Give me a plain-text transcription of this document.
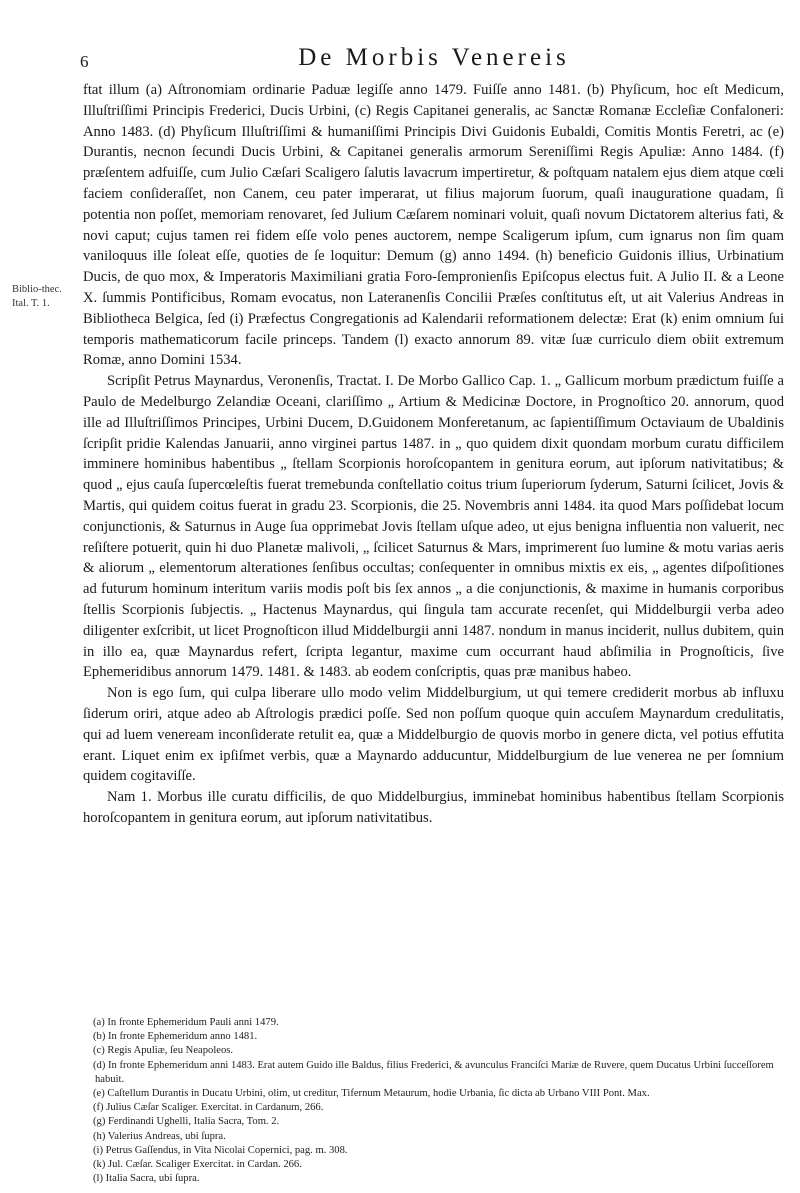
6	De Morbis Venereis
Biblio-thec. Ital. T. 1.

ftat illum (a) Aſtronomiam ordinarie Paduæ legiſſe anno 1479. Fuiſſe anno 1481. (b) Phyſicum, hoc eſt Medicum, Illuſtriſſimi Principis Frederici, Ducis Urbini, (c) Regis Capitanei generalis, ac Sanctæ Romanæ Eccleſiæ Confaloneri: Anno 1483. (d) Phyſicum Illuſtriſſimi & humaniſſimi Principis Divi Guidonis Eubaldi, Comitis Montis Feretri, ac (e) Durantis, necnon ſecundi Ducis Urbini, & Capitanei generalis armorum Sereniſſimi Regis Apuliæ: Anno 1484. (f) præſentem adfuiſſe, cum Julio Cæſari Scaligero ſalutis lavacrum impertiretur, & poſtquam natalem ejus diem atque cœli faciem conſideraſſet, non Canem, ceu pater imperarat, ut filius majorum ſuorum, quaſi inauguratione quadam, ſi potentia non poſſet, memoriam renovaret, ſed Julium Cæſarem nominari voluit, quaſi novum Dictatorem alterius fati, & novi caput; cujus tamen rei fidem eſſe volo penes auctorem, nempe Scaligerum ipſum, cum ignarus non ſim quam vaniloquus ille ſoleat eſſe, quoties de ſe loquitur: Demum (g) anno 1494. (h) beneficio Guidonis illius, Urbinatium Ducis, de quo mox, & Imperatoris Maximiliani gratia Foro-ſempronienſis Epiſcopus electus fuit. A Julio II. & a Leone X. ſummis Pontificibus, Romam evocatus, non Lateranenſis Concilii Præſes conſtitutus eſt, ut ait Valerius Andreas in Bibliotheca Belgica, ſed (i) Præfectus Congregationis ad Kalendarii reformationem delectæ: Erat (k) enim omnium ſui temporis mathematicorum facile princeps. Tandem (l) exacto annorum 89. vitæ ſuæ curriculo diem obiit extremum Romæ, anno Domini 1534.

Scripſit Petrus Maynardus, Veronenſis, Tractat. I. De Morbo Gallico Cap. 1. „ Gallicum morbum prædictum fuiſſe a Paulo de Medelburgo Zelandiæ Oceani, clariſſimo „ Artium & Medicinæ Doctore, in Prognoſtico 20. annorum, quod ille ad Illuſtriſſimos Principes, Urbini Ducem, D.Guidonem Monferetanum, ac ſapientiſſimum Octaviaum de Ubaldinis ſcripſit pridie Kalendas Januarii, anno virginei partus 1487. in „ quo quidem dixit quondam morbum curatu difficilem imminere hominibus habentibus „ ſtellam Scorpionis horoſcopantem in genitura eorum, aut ipſorum nativitatibus; & quod „ ejus cauſa ſupercœleſtis fuerat tremebunda conſtellatio coitus trium ſuperiorum ſyderum, Saturni ſcilicet, Jovis & Martis, qui quidem coitus fuerat in gradu 23. Scorpionis, die 25. Novembris anni 1484. ita quod Mars poſſidebat locum conjunctionis, & Saturnus in Auge ſua opprimebat Jovis ſtellam uſque adeo, ut ejus benigna influentia non valuerit, nec reſiſtere potuerit, quin hi duo Planetæ malivoli, „ ſcilicet Saturnus & Mars, imprimerent ſuo lumine & motu varias aeris & aliorum „ elementorum alterationes ſenſibus occultas; conſequenter in omnibus mixtis ex eis, „ agentes diſpoſitiones ad futurum hominum interitum variis modis poſt bis ſex annos „ a die conjunctionis, & maxime in humanis corporibus ſtellis Scorpionis ſubjectis. „ Hactenus Maynardus, qui ſingula tam accurate recenſet, qui Middelburgii verba adeo diligenter exſcribit, ut licet Prognoſticon illud Middelburgii anni 1487. nondum in manus inciderit, nullus dubitem, quin in illo ea, quæ Maynardus refert, ſcripta legantur, maxime cum occurrant haud abſimilia in Prognoſticis, ſive Ephemeridibus annorum 1479. 1481. & 1483. ab eodem conſcriptis, quas præ manibus habeo.

Non is ego ſum, qui culpa liberare ullo modo velim Middelburgium, ut qui temere crediderit morbus ab influxu ſiderum oriri, atque adeo ab Aſtrologis prædici poſſe. Sed non poſſum quoque quin accuſem Maynardum credulitatis, qui ad luem veneream inconſiderate retulit ea, quæ a Middelburgio de quovis morbo in genere dicta, vel potius effutita erant. Liquet enim ex ipſiſmet verbis, quæ a Maynardo adducuntur, Middelburgium de lue venerea ne per ſomnium quidem cogitaviſſe.

Nam 1. Morbus ille curatu difficilis, de quo Middelburgius, imminebat hominibus habentibus ſtellam Scorpionis horoſcopantem in genitura eorum, aut ipſorum nativitatibus.

(a) In fronte Ephemeridum Pauli anni 1479.

(b) In fronte Ephemeridum anno 1481.

(c) Regis Apuliæ, ſeu Neapoleos.

(d) In fronte Ephemeridum anni 1483. Erat autem Guido ille Baldus, filius Frederici, & avunculus Franciſci Mariæ de Ruvere, quem Ducatus Urbini ſucceſſorem habuit.

(e) Caſtellum Durantis in Ducatu Urbini, olim, ut creditur, Tifernum Metaurum, hodie Urbania, ſic dicta ab Urbano VIII Pont. Max.

(f) Julius Cæſar Scaliger. Exercitat. in Cardanum, 266.

(g) Ferdinandi Ughelli, Italia Sacra, Tom. 2.

(h) Valerius Andreas, ubi ſupra.

(i) Petrus Gaſſendus, in Vita Nicolai Copernici, pag. m. 308.

(k) Jul. Cæſar. Scaliger Exercitat. in Cardan. 266.

(l) Italia Sacra, ubi ſupra.
